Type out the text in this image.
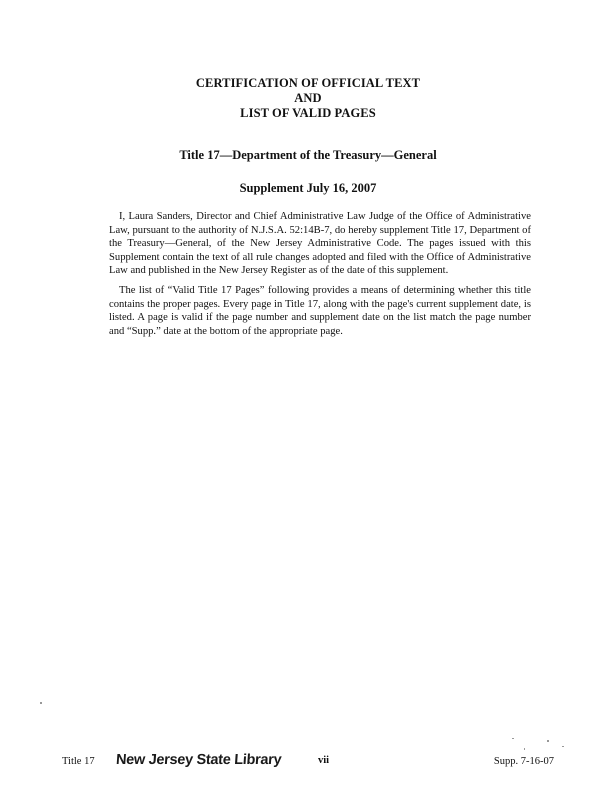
CERTIFICATION OF OFFICIAL TEXT
AND
LIST OF VALID PAGES
Title 17—Department of the Treasury—General
Supplement July 16, 2007

I, Laura Sanders, Director and Chief Administrative Law Judge of the Office of Administrative Law, pursuant to the authority of N.J.S.A. 52:14B-7, do hereby supplement Title 17, Department of the Treasury—General, of the New Jersey Administrative Code. The pages issued with this Supplement contain the text of all rule changes adopted and filed with the Office of Administrative Law and published in the New Jersey Register as of the date of this supplement.

The list of “Valid Title 17 Pages” following provides a means of determining whether this title contains the proper pages. Every page in Title 17, along with the page's current supplement date, is listed. A page is valid if the page number and supplement date on the list match the page number and “Supp.” date at the bottom of the appropriate page.

Title 17 New Jersey State Library	vii	Supp. 7-16-07
